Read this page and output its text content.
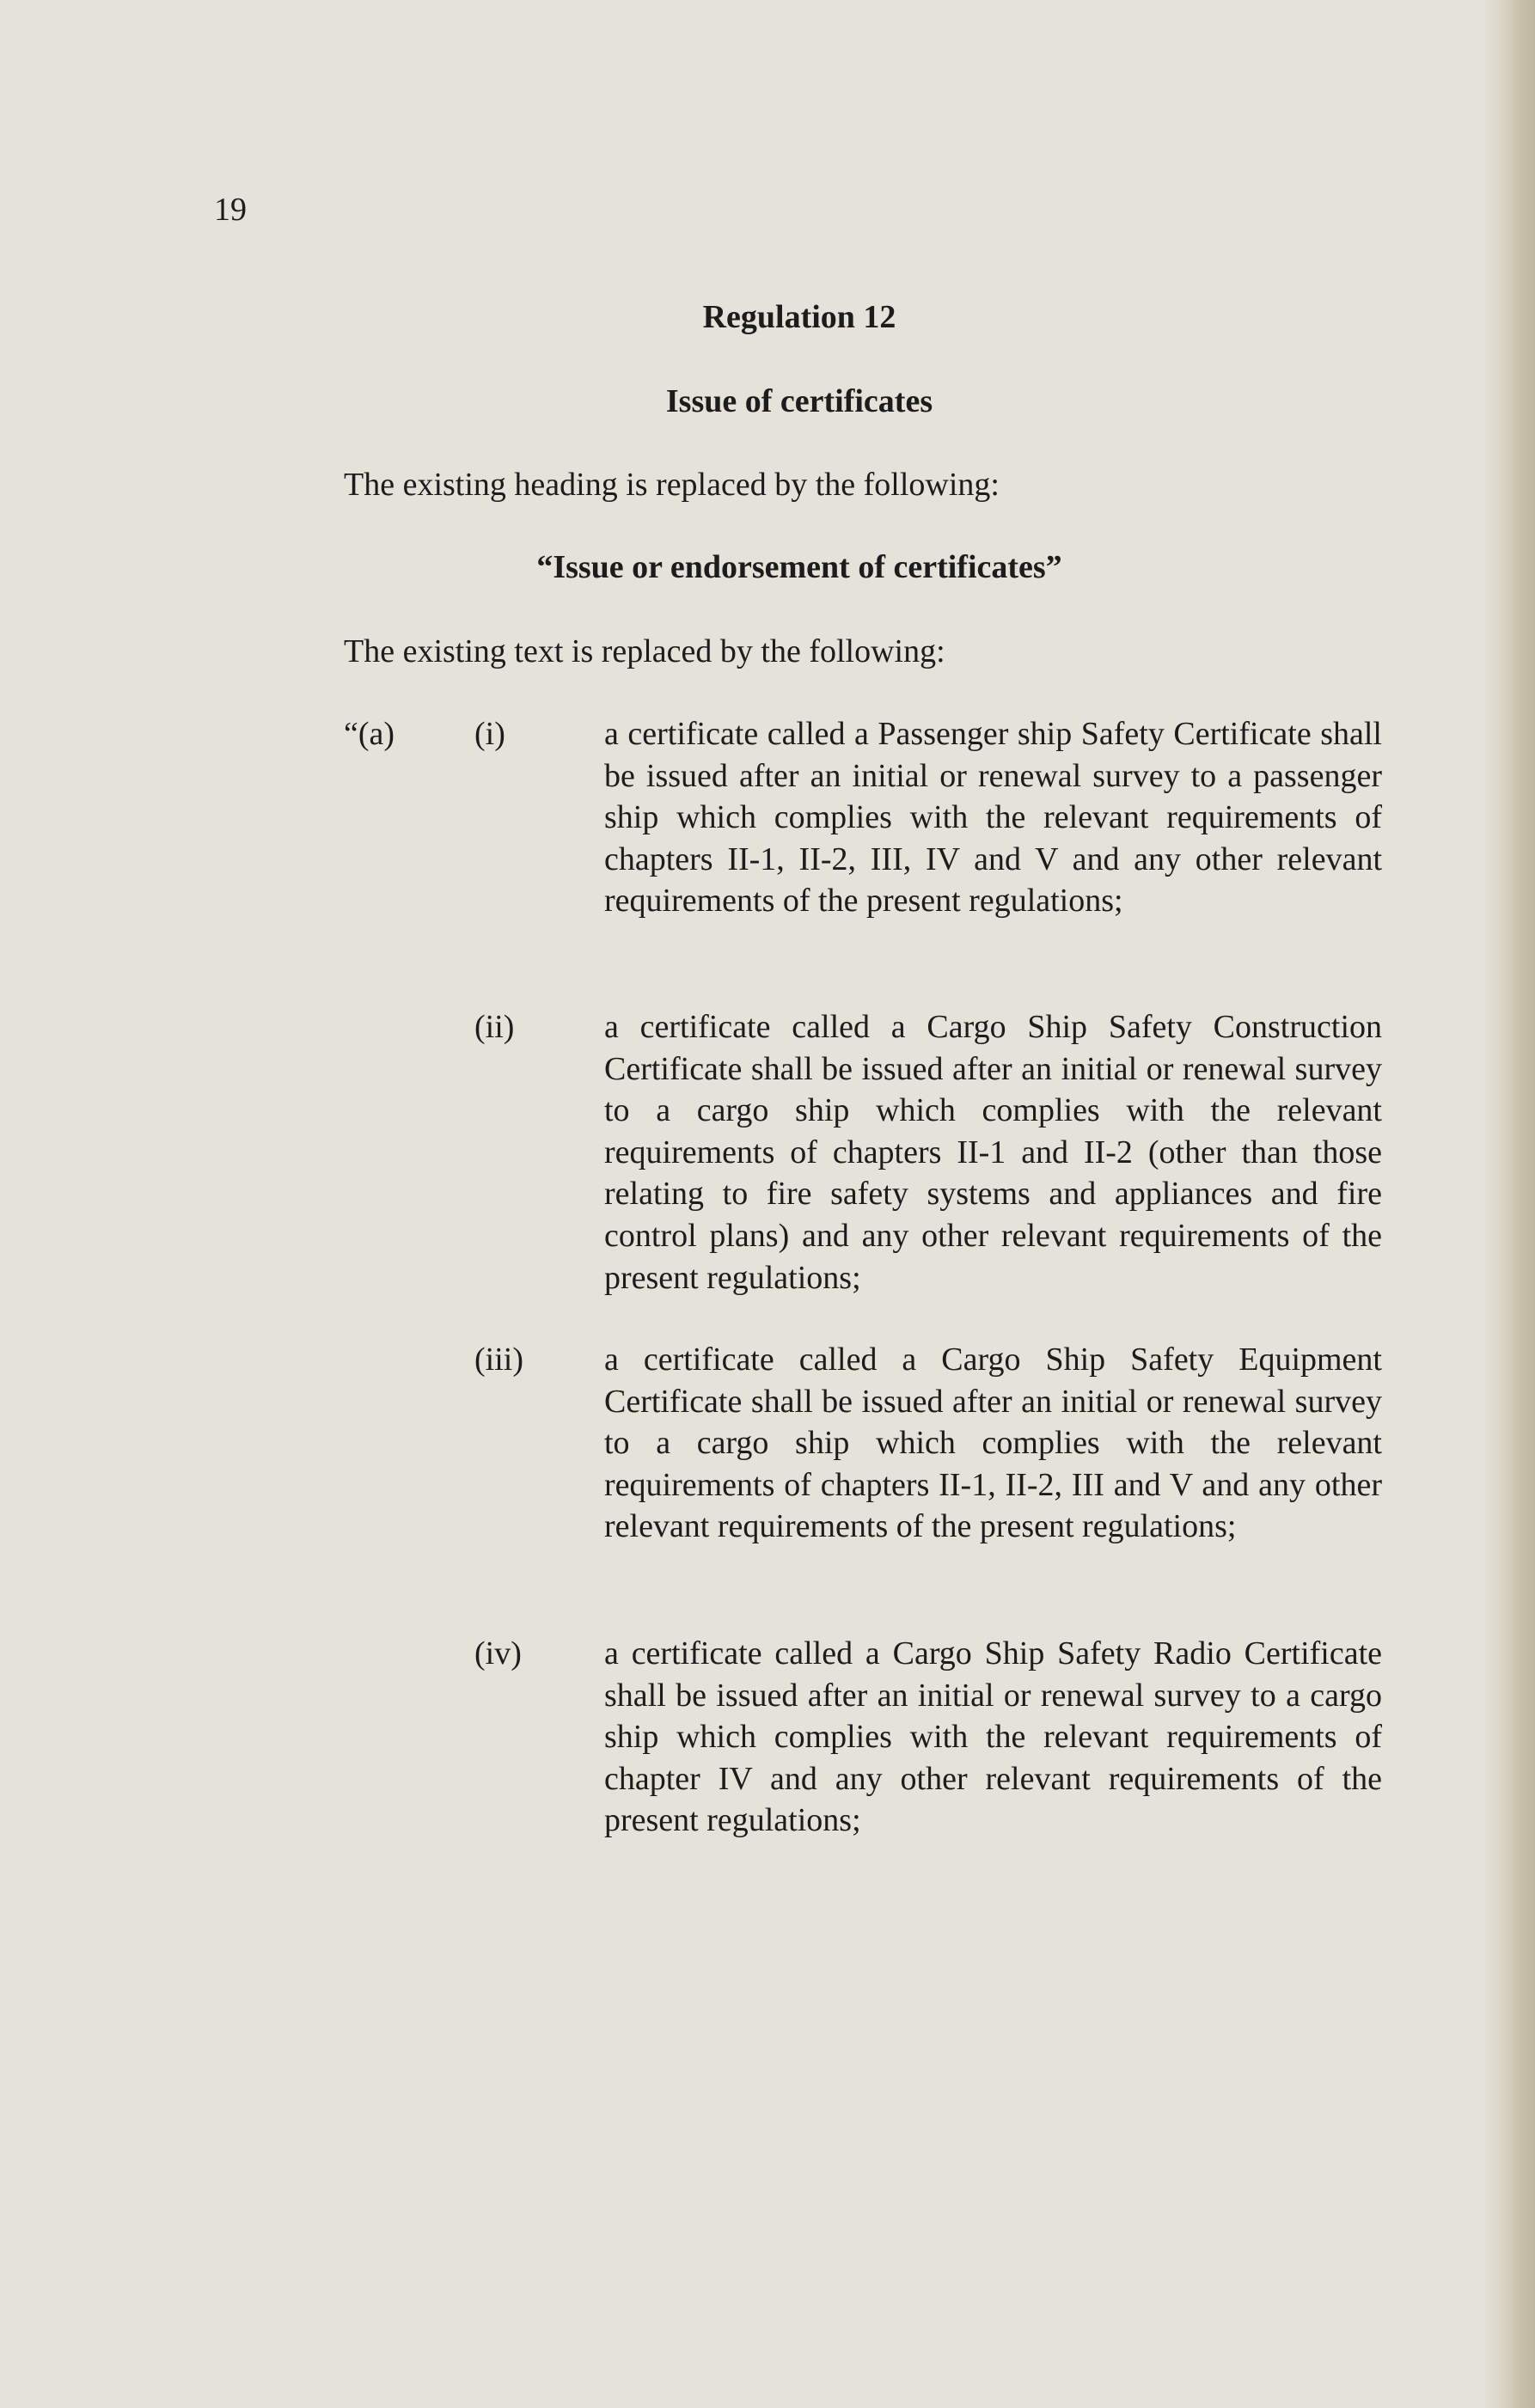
19
Regulation 12
Issue of certificates
The existing heading is replaced by the following:
“Issue or endorsement of certificates”
The existing text is replaced by the following:
“(a) (i)	a certificate called a Passenger ship Safety Certificate shall be issued after an initial or renewal survey to a passenger ship which complies with the relevant requirements of chapters II-1, II-2, III, IV and V and any other relevant requirements of the present regulations;

(ii)	a certificate called a Cargo Ship Safety Construction Certificate shall be issued after an initial or renewal survey to a cargo ship which complies with the relevant requirements of chapters II-1 and II-2 (other than those relating to fire safety systems and appliances and fire control plans) and any other relevant requirements of the present regulations;

(iii) a certificate called a Cargo Ship Safety Equipment Certificate shall be issued after an initial or renewal survey to a cargo ship which complies with the relevant requirements of chapters II-1, II-2, III and V and any other relevant requirements of the present regulations;

(iv)	a certificate called a Cargo Ship Safety Radio Certificate shall be issued after an initial or renewal survey to a cargo ship which complies with the relevant requirements of chapter IV and any other relevant requirements of the present regulations;
